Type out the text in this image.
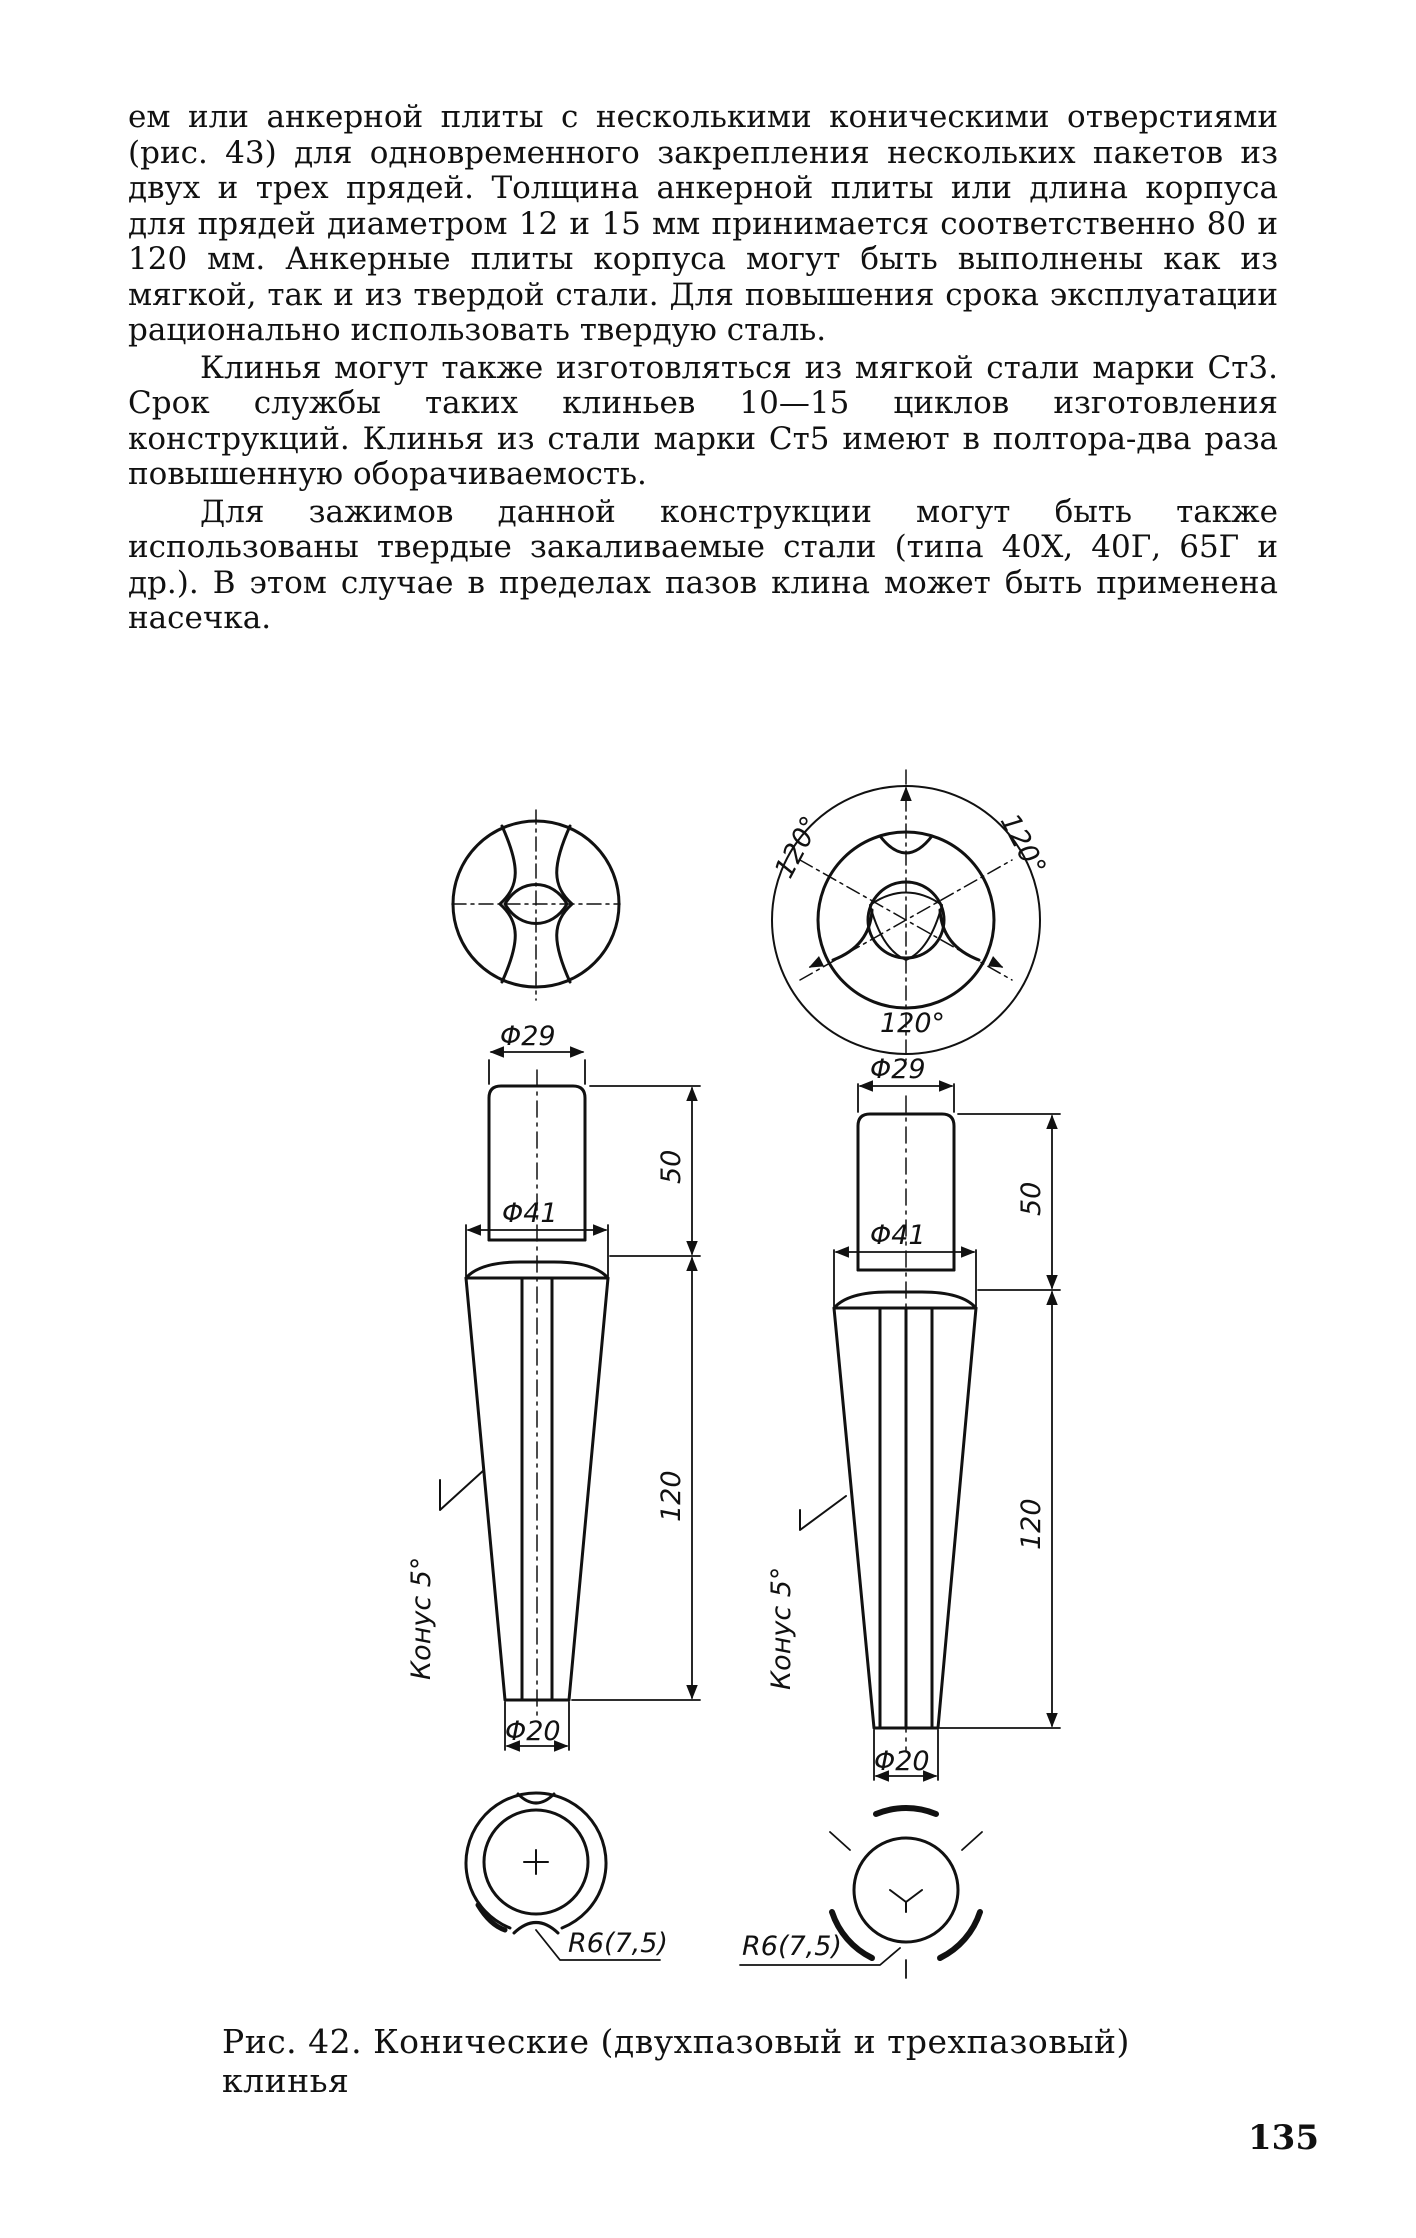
ем или анкерной плиты с несколькими коническими отверстиями (рис. 43) для одновременного закрепления нескольких пакетов из двух и трех прядей. Толщина анкерной плиты или длина корпуса для прядей диаметром 12 и 15 мм принимается соответственно 80 и 120 мм. Анкерные плиты корпуса могут быть выполнены как из мягкой, так и из твердой стали. Для повышения срока эксплуатации рационально использовать твердую сталь.

Клинья могут также изготовляться из мягкой стали марки Ст3. Срок службы таких клиньев 10—15 циклов изготовления конструкций. Клинья из стали марки Ст5 имеют в полтора-два раза повышенную оборачиваемость.

Для зажимов данной конструкции могут быть также использованы твердые закаливаемые стали (типа 40Х, 40Г, 65Г и др.). В этом случае в пределах пазов клина может быть применена насечка.

Φ29
Φ41
Φ20
50
120
Конус 5°
R6(7,5)
Φ29
Φ41
Φ20
50
120
Конус 5°
R6(7,5)
120°	120°
120°
Рис. 42. Конические (двухпазовый и трехпазовый) клинья
135
